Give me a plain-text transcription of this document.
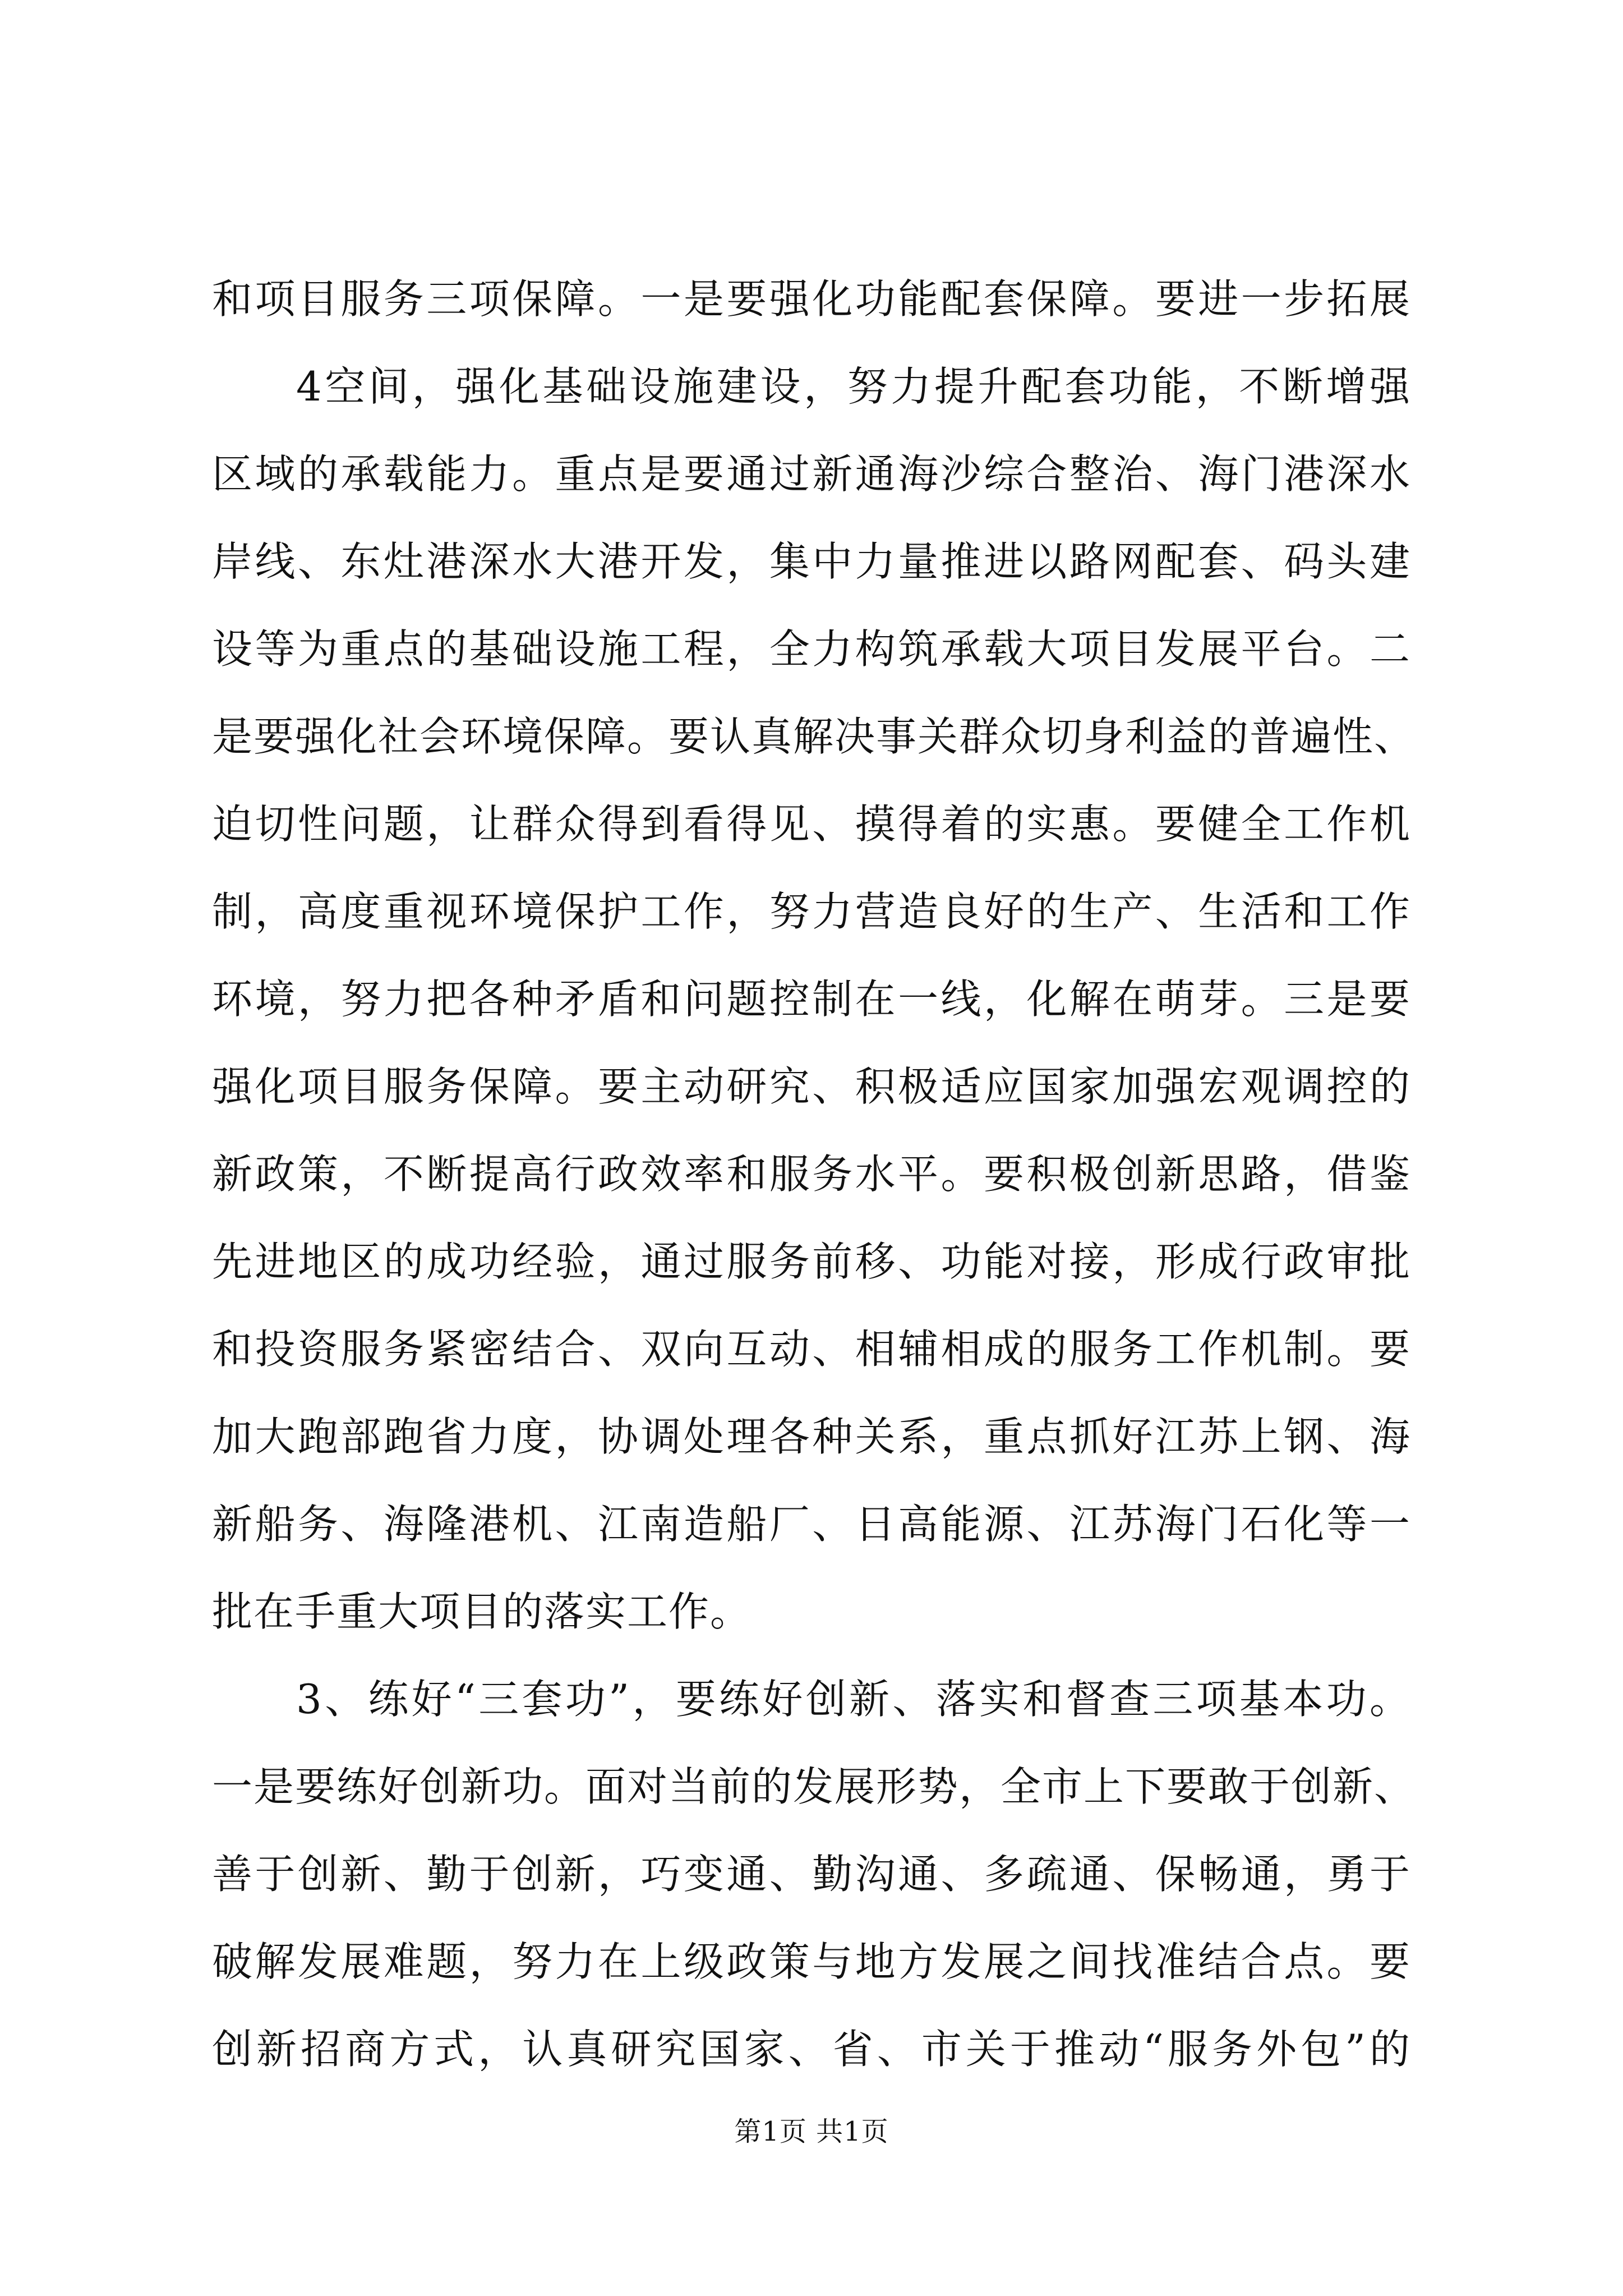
和项目服务三项保障。一是要强化功能配套保障。要进一步拓展
4空间，强化基础设施建设，努力提升配套功能，不断增强
区域的承载能力。重点是要通过新通海沙综合整治、海门港深水
岸线、东灶港深水大港开发，集中力量推进以路网配套、码头建
设等为重点的基础设施工程，全力构筑承载大项目发展平台。二
是要强化社会环境保障。要认真解决事关群众切身利益的普遍性、
迫切性问题，让群众得到看得见、摸得着的实惠。要健全工作机
制，高度重视环境保护工作，努力营造良好的生产、生活和工作
环境，努力把各种矛盾和问题控制在一线，化解在萌芽。三是要
强化项目服务保障。要主动研究、积极适应国家加强宏观调控的
新政策，不断提高行政效率和服务水平。要积极创新思路，借鉴
先进地区的成功经验，通过服务前移、功能对接，形成行政审批
和投资服务紧密结合、双向互动、相辅相成的服务工作机制。要
加大跑部跑省力度，协调处理各种关系，重点抓好江苏上钢、海
新船务、海隆港机、江南造船厂、日高能源、江苏海门石化等一
批在手重大项目的落实工作。
3、练好“三套功”，要练好创新、落实和督查三项基本功。
一是要练好创新功。面对当前的发展形势，全市上下要敢于创新、
善于创新、勤于创新，巧变通、勤沟通、多疏通、保畅通，勇于
破解发展难题，努力在上级政策与地方发展之间找准结合点。要
创新招商方式，认真研究国家、省、市关于推动“服务外包”的
第1页 共1页
